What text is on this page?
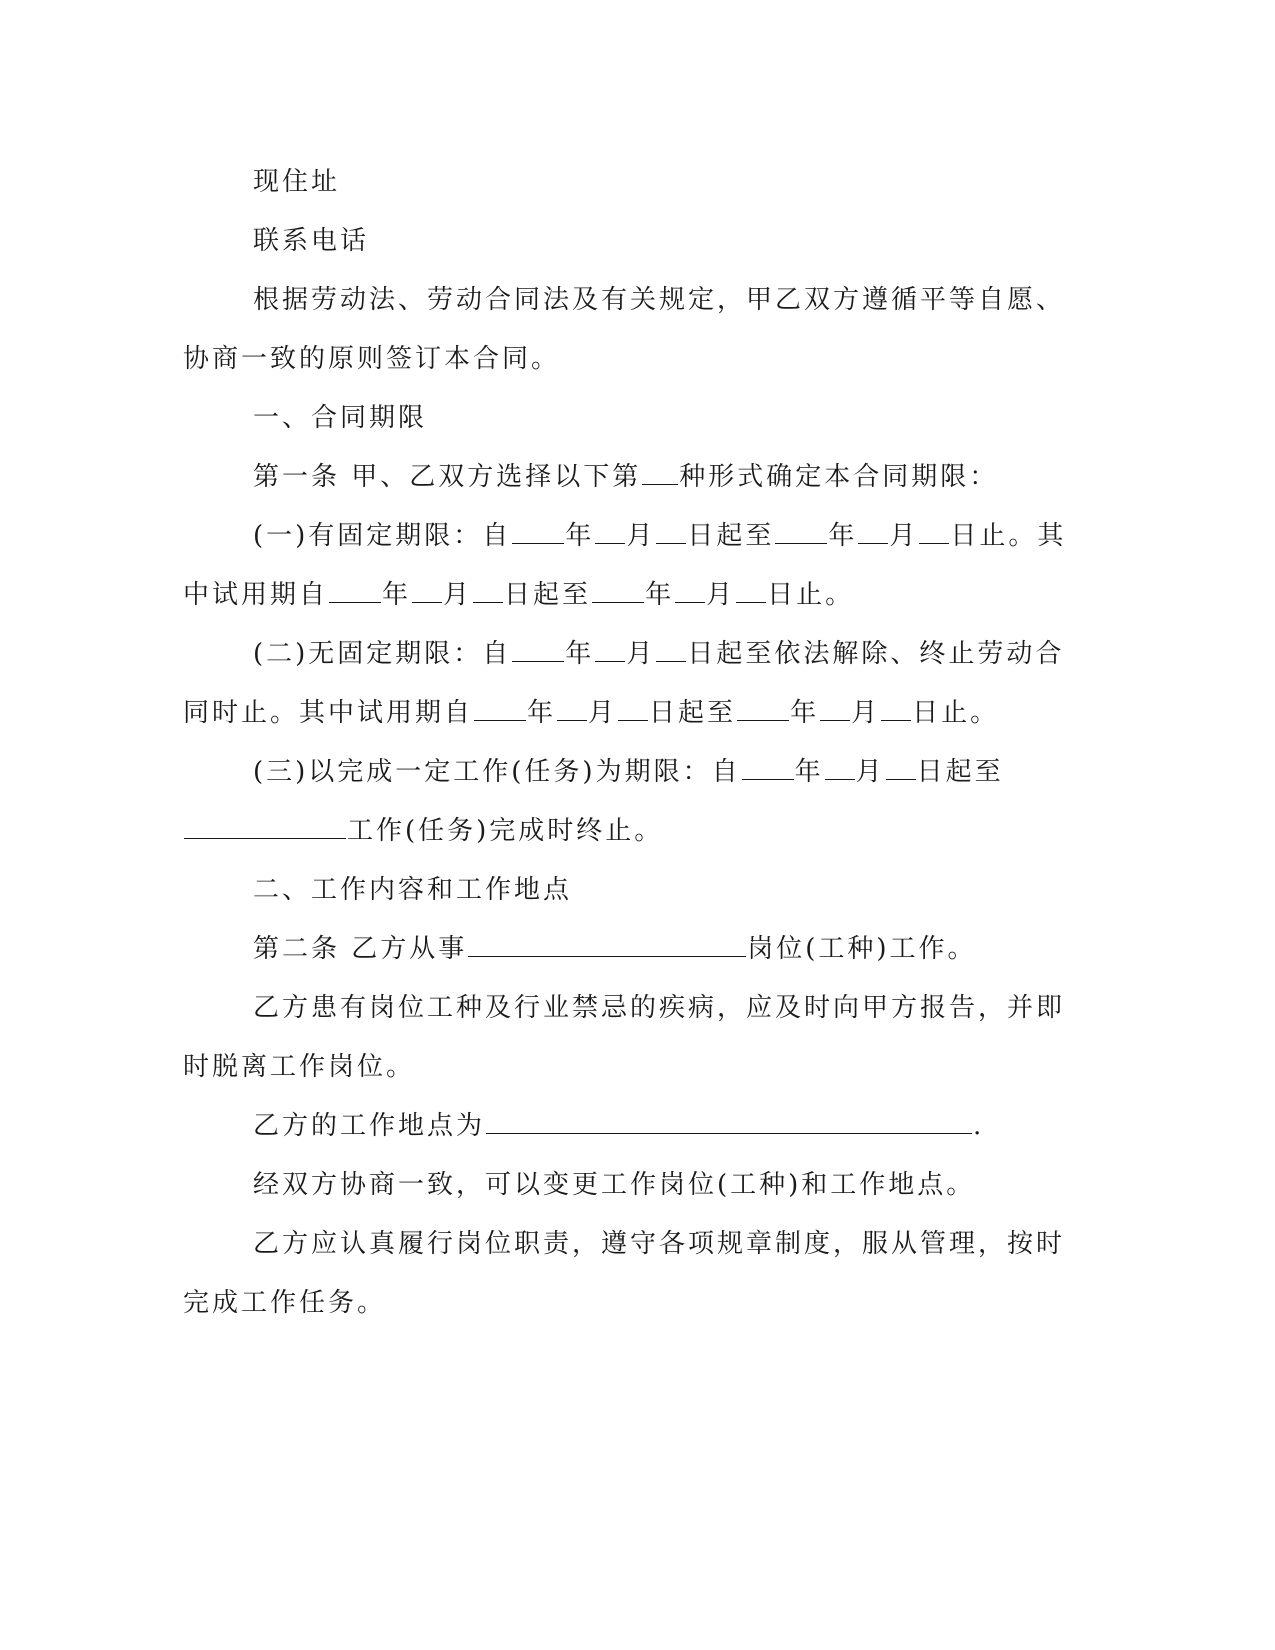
现住址
联系电话
根据劳动法、劳动合同法及有关规定，甲乙双方遵循平等自愿、
协商一致的原则签订本合同。
一、合同期限
第一条 甲、乙双方选择以下第 种形式确定本合同期限：
(一)有固定期限：自 年 月 日起至 年 月 日止。其
中试用期自 年 月 日起至 年 月 日止。
(二)无固定期限：自 年 月 日起至依法解除、终止劳动合
同时止。其中试用期自 年 月 日起至 年 月 日止。
(三)以完成一定工作(任务)为期限：自 年 月 日起至
工作(任务)完成时终止。
二、工作内容和工作地点
第二条 乙方从事	岗位(工种)工作。
乙方患有岗位工种及行业禁忌的疾病，应及时向甲方报告，并即
时脱离工作岗位。
乙方的工作地点为	.
经双方协商一致，可以变更工作岗位(工种)和工作地点。
乙方应认真履行岗位职责，遵守各项规章制度，服从管理，按时
完成工作任务。
